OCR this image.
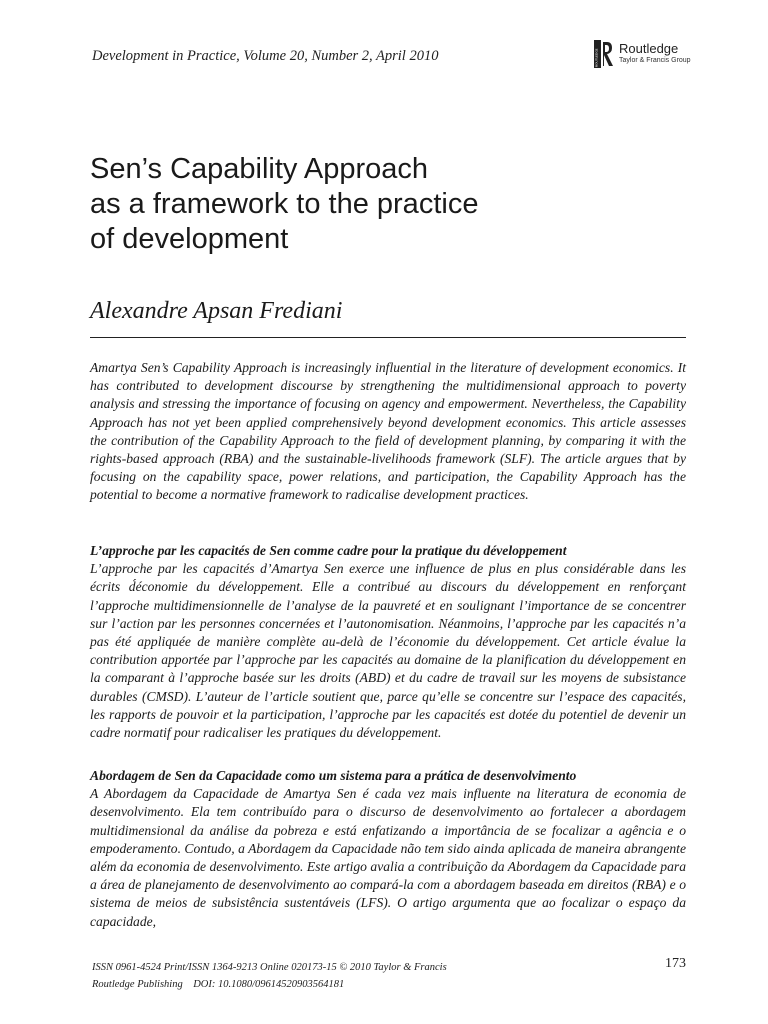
Development in Practice, Volume 20, Number 2, April 2010	ROUTLEDGE Routledge
Taylor & Francis Group
Sen’s Capability Approach
as a framework to the practice
of development
Alexandre Apsan Frediani

Amartya Sen’s Capability Approach is increasingly influential in the literature of development economics. It has contributed to development discourse by strengthening the multidimensional approach to poverty analysis and stressing the importance of focusing on agency and empowerment. Nevertheless, the Capability Approach has not yet been applied comprehensively beyond development economics. This article assesses the contribution of the Capability Approach to the field of development planning, by comparing it with the rights-based approach (RBA) and the sustainable-livelihoods framework (SLF). The article argues that by focusing on the capability space, power relations, and participation, the Capability Approach has the potential to become a normative framework to radicalise development practices.

L’approche par les capacités de Sen comme cadre pour la pratique du développement

L’approche par les capacités d’Amartya Sen exerce une influence de plus en plus considérable dans les écrits d́économie du développement. Elle a contribué au discours du développement en renforçant l’approche multidimensionnelle de l’analyse de la pauvreté et en soulignant l’importance de se concentrer sur l’action par les personnes concernées et l’autonomisation. Néanmoins, l’approche par les capacités n’a pas été appliquée de manière complète au-delà de l’économie du développement. Cet article évalue la contribution apportée par l’approche par les capacités au domaine de la planification du développement en la comparant à l’approche basée sur les droits (ABD) et du cadre de travail sur les moyens de subsistance durables (CMSD). L’auteur de l’article soutient que, parce qu’elle se concentre sur l’espace des capacités, les rapports de pouvoir et la participation, l’approche par les capacités est dotée du potentiel de devenir un cadre normatif pour radicaliser les pratiques du développement.

Abordagem de Sen da Capacidade como um sistema para a prática de desenvolvimento

A Abordagem da Capacidade de Amartya Sen é cada vez mais influente na literatura de economia de desenvolvimento. Ela tem contribuído para o discurso de desenvolvimento ao fortalecer a abordagem multidimensional da análise da pobreza e está enfatizando a importância de se focalizar a agência e o empoderamento. Contudo, a Abordagem da Capacidade não tem sido ainda aplicada de maneira abrangente além da economia de desenvolvimento. Este artigo avalia a contribuição da Abordagem da Capacidade para a área de planejamento de desenvolvimento ao compará-la com a abordagem baseada em direitos (RBA) e o sistema de meios de subsistência sustentáveis (LFS). O artigo argumenta que ao focalizar o espaço da capacidade,

ISSN 0961-4524 Print/ISSN 1364-9213 Online 020173-15 © 2010 Taylor & Francis
Routledge Publishing    DOI: 10.1080/09614520903564181
173
